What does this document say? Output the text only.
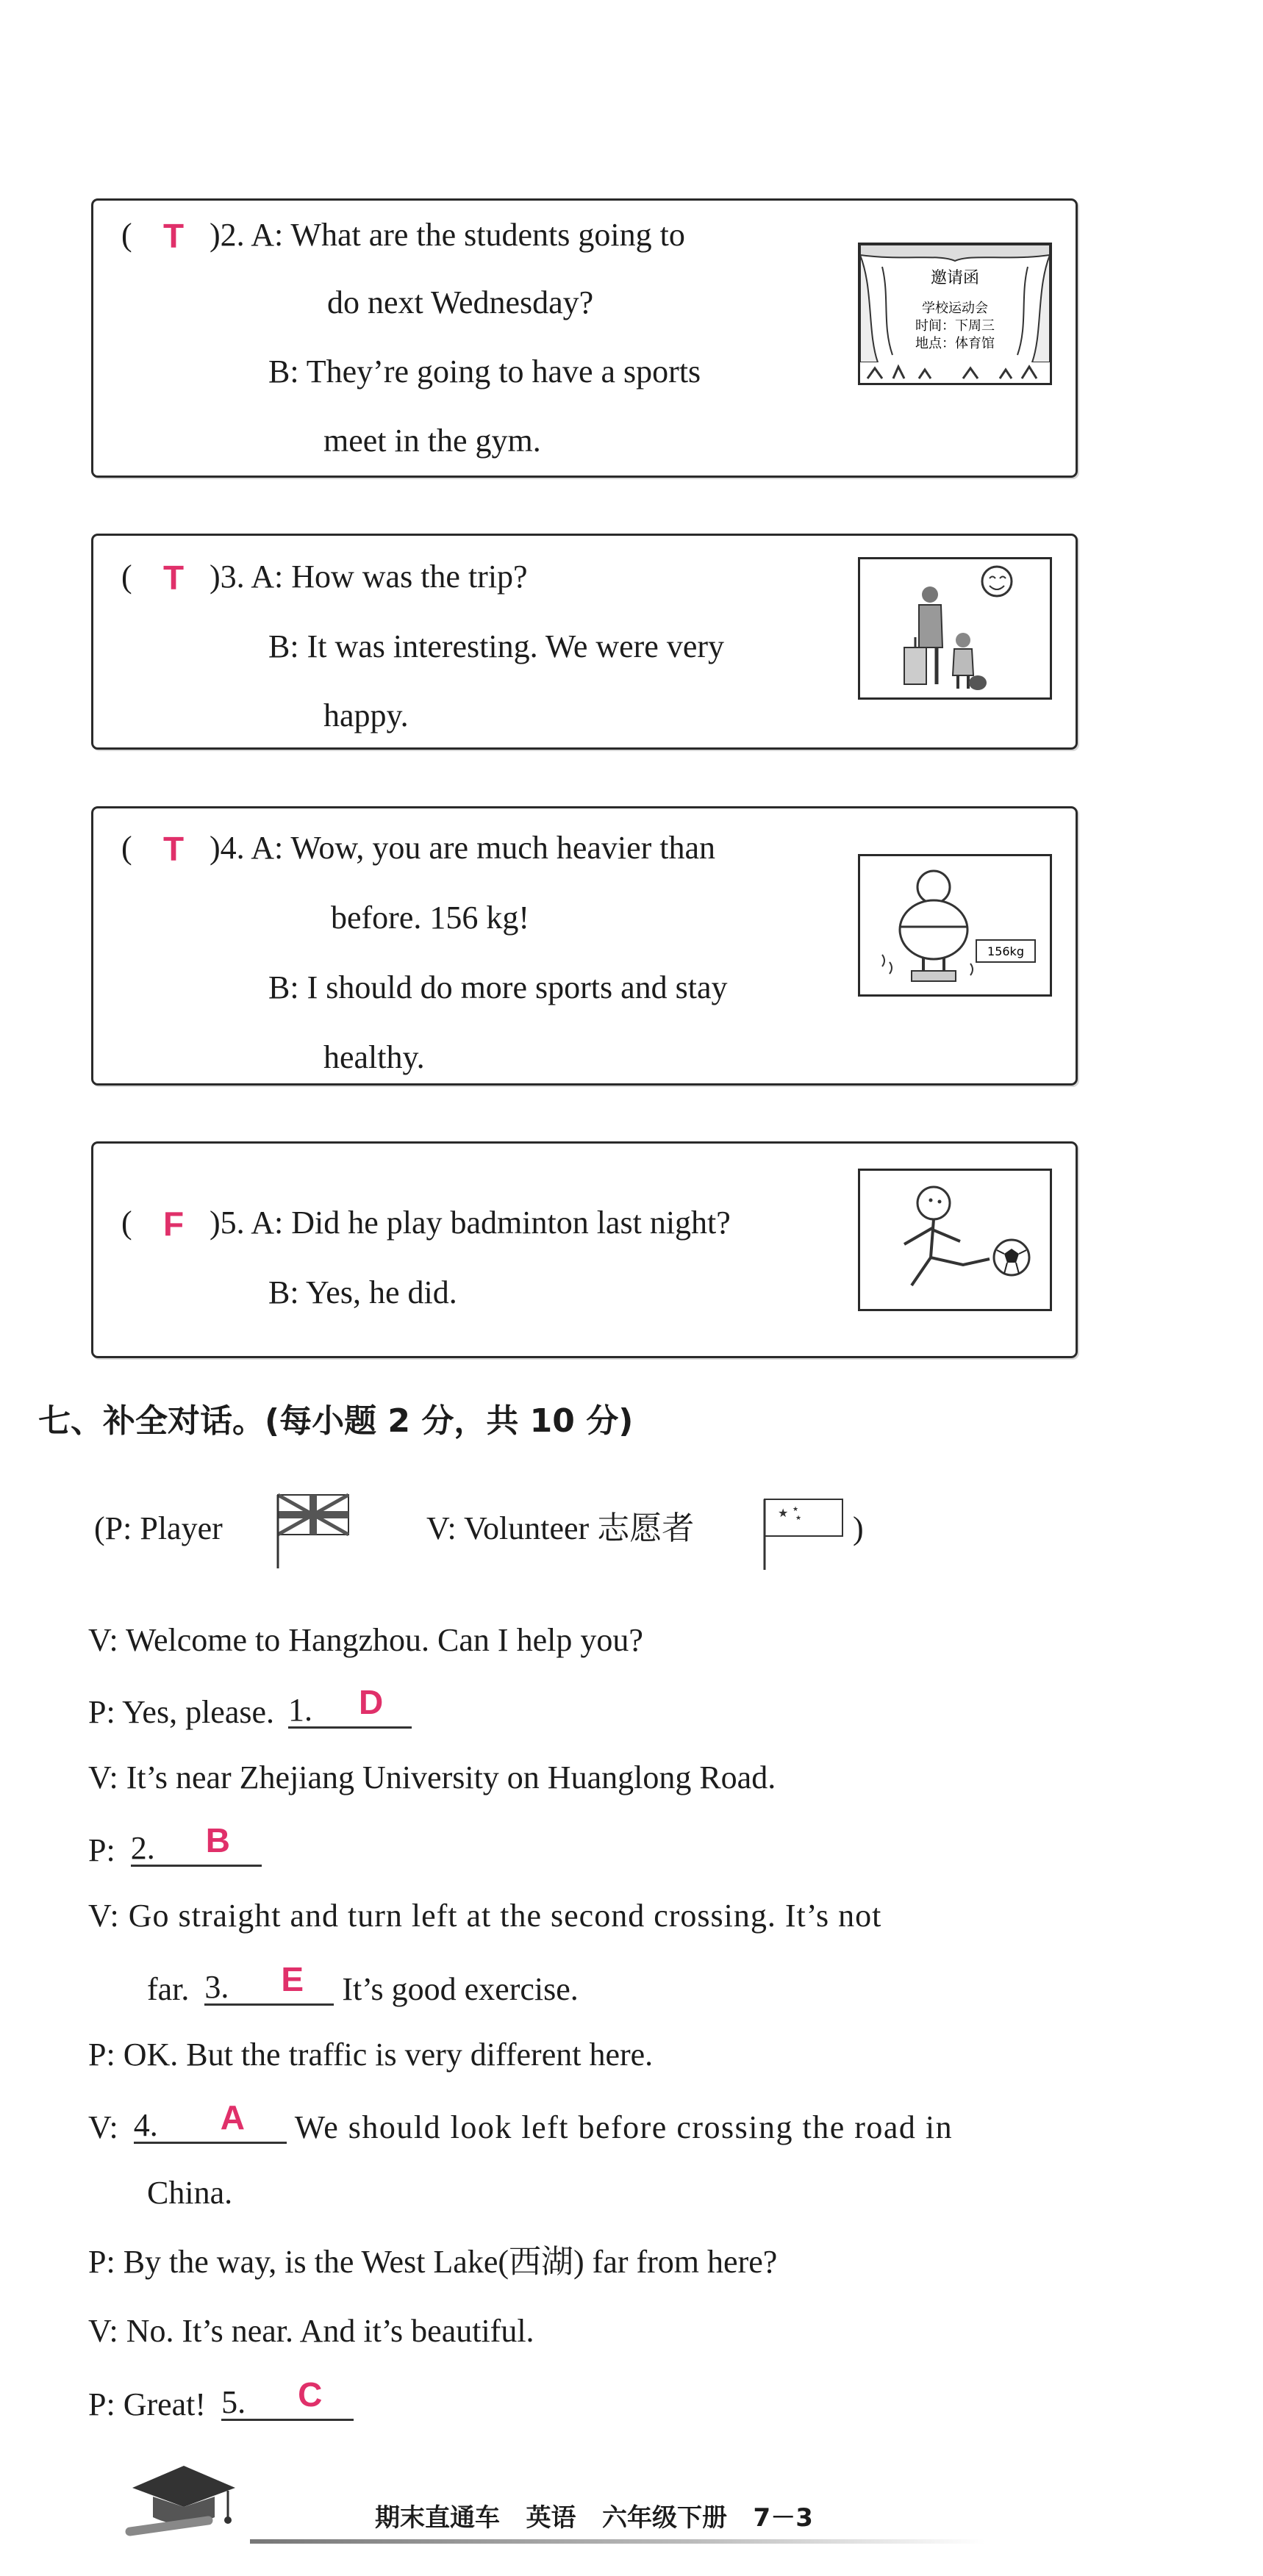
( T )2. A: What are the students going to
do next Wednesday?
B: They’re going to have a sports
meet in the gym.
邀请函
学校运动会
时间：下周三
地点：体育馆
( T )3. A: How was the trip?
B: It was interesting. We were very
happy.
( T )4. A: Wow, you are much heavier than
before. 156 kg!
B: I should do more sports and stay
healthy.
156kg
( F )5. A: Did he play badminton last night?
B: Yes, he did.
七、补全对话。(每小题 2 分，共 10 分)
(P: Player	V: Volunteer 志愿者	★ ★
★ )
V: Welcome to Hangzhou. Can I help you?
P: Yes, please. 1. D
V: It’s near Zhejiang University on Huanglong Road.
P: 2. B
V: Go straight and turn left at the second crossing. It’s not
far. 3. E It’s good exercise.
P: OK. But the traffic is very different here.
V: 4. A We should look left before crossing the road in
China.
P: By the way, is the West Lake(西湖) far from here?
V: No. It’s near. And it’s beautiful.
P: Great! 5. C
期末直通车   英语   六年级下册   7－3
